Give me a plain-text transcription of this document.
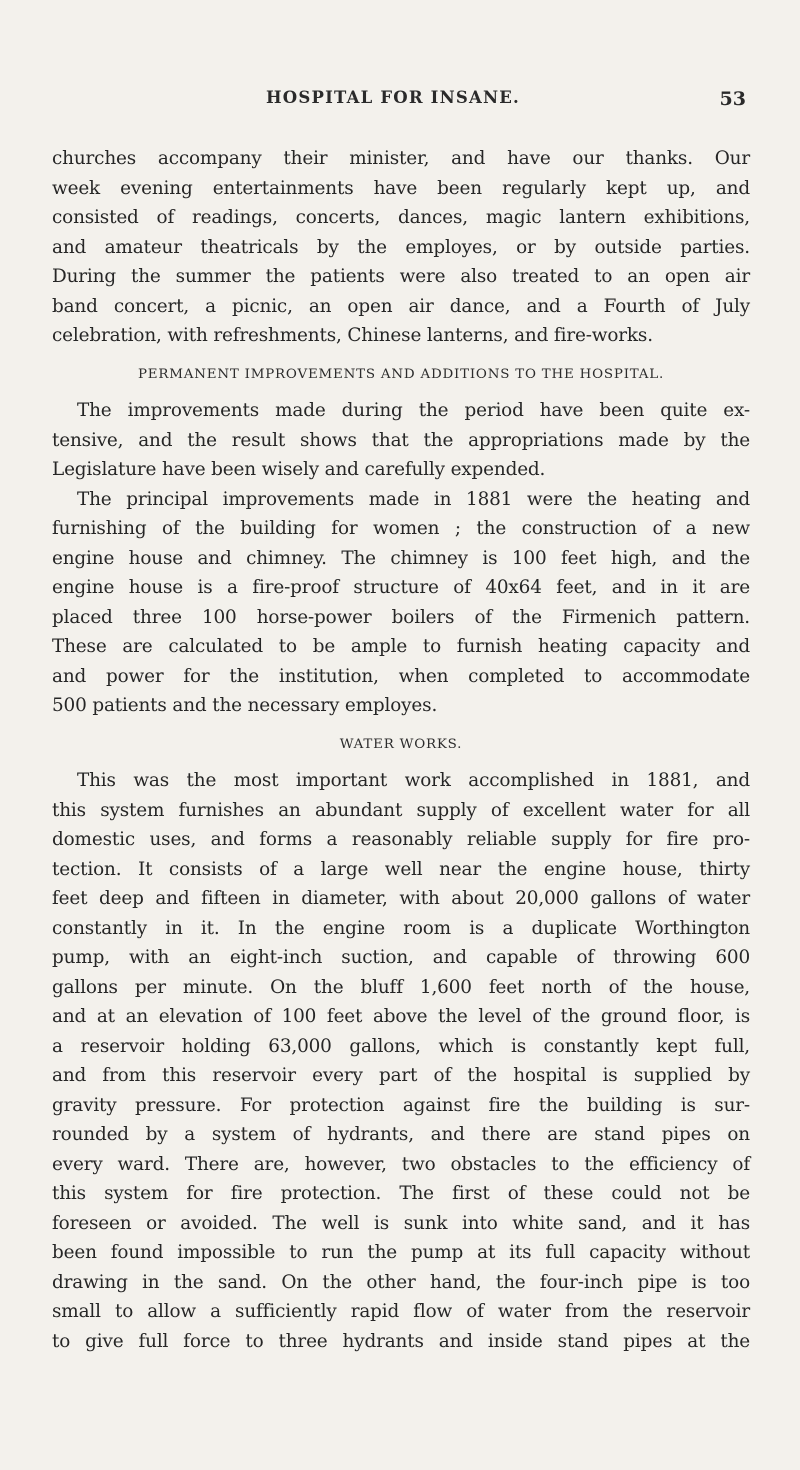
HOSPITAL FOR INSANE.	53
churches accompany their minister, and have our thanks. Our
week evening entertainments have been regularly kept up, and
consisted of readings, concerts, dances, magic lantern exhibitions,
and amateur theatricals by the employes, or by outside parties.
During the summer the patients were also treated to an open air
band concert, a picnic, an open air dance, and a Fourth of July
celebration, with refreshments, Chinese lanterns, and fire-works.
PERMANENT IMPROVEMENTS AND ADDITIONS TO THE HOSPITAL.
The improvements made during the period have been quite ex-
tensive, and the result shows that the appropriations made by the
Legislature have been wisely and carefully expended.
The principal improvements made in 1881 were the heating and
furnishing of the building for women ; the construction of a new
engine house and chimney. The chimney is 100 feet high, and the
engine house is a fire-proof structure of 40x64 feet, and in it are
placed three 100 horse-power boilers of the Firmenich pattern.
These are calculated to be ample to furnish heating capacity and
and power for the institution, when completed to accommodate
500 patients and the necessary employes.
WATER WORKS.
This was the most important work accomplished in 1881, and
this system furnishes an abundant supply of excellent water for all
domestic uses, and forms a reasonably reliable supply for fire pro-
tection. It consists of a large well near the engine house, thirty
feet deep and fifteen in diameter, with about 20,000 gallons of water
constantly in it. In the engine room is a duplicate Worthington
pump, with an eight-inch suction, and capable of throwing 600
gallons per minute. On the bluff 1,600 feet north of the house,
and at an elevation of 100 feet above the level of the ground floor, is
a reservoir holding 63,000 gallons, which is constantly kept full,
and from this reservoir every part of the hospital is supplied by
gravity pressure. For protection against fire the building is sur-
rounded by a system of hydrants, and there are stand pipes on
every ward. There are, however, two obstacles to the efficiency of
this system for fire protection. The first of these could not be
foreseen or avoided. The well is sunk into white sand, and it has
been found impossible to run the pump at its full capacity without
drawing in the sand. On the other hand, the four-inch pipe is too
small to allow a sufficiently rapid flow of water from the reservoir
to give full force to three hydrants and inside stand pipes at the
